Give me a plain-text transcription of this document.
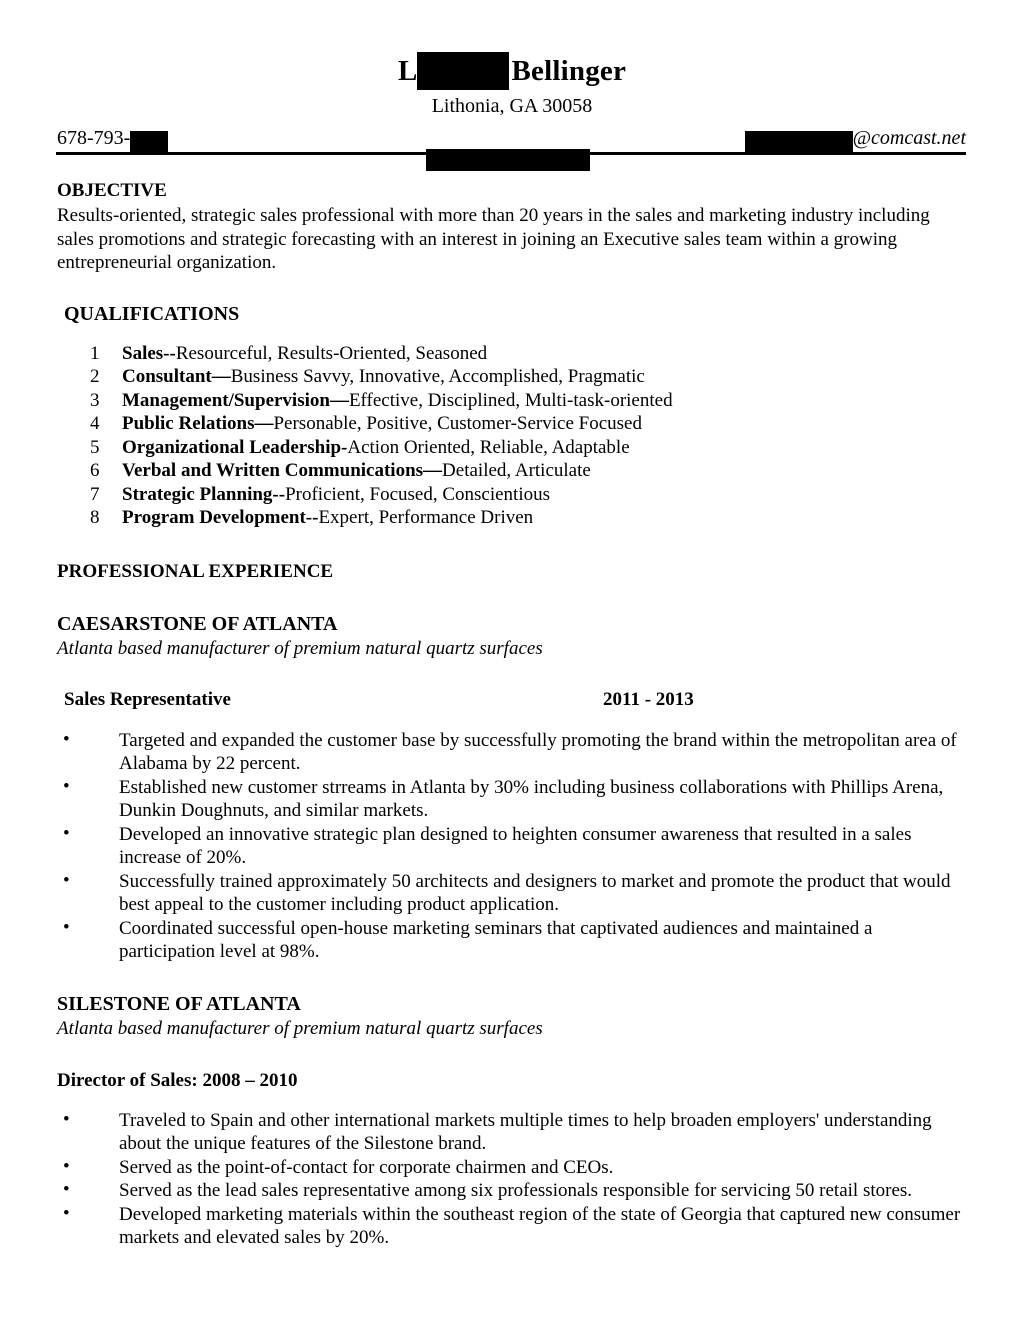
L	Bellinger
Lithonia, GA 30058
678-793-	@comcast.net
OBJECTIVE
Results-oriented, strategic sales professional with more than 20 years in the sales and marketing industry including sales promotions and strategic forecasting with an interest in joining an Executive sales team within a growing entrepreneurial organization.
QUALIFICATIONS
1 Sales--Resourceful, Results-Oriented, Seasoned
2 Consultant—Business Savvy, Innovative, Accomplished, Pragmatic
3 Management/Supervision—Effective, Disciplined, Multi-task-oriented
4 Public Relations—Personable, Positive, Customer-Service Focused
5 Organizational Leadership-Action Oriented, Reliable, Adaptable
6 Verbal and Written Communications—Detailed, Articulate
7 Strategic Planning--Proficient, Focused, Conscientious
8 Program Development--Expert, Performance Driven
PROFESSIONAL EXPERIENCE
CAESARSTONE OF ATLANTA
Atlanta based manufacturer of premium natural quartz surfaces
Sales Representative	2011 - 2013
•	Targeted and expanded the customer base by successfully promoting the brand within the metropolitan area of Alabama by 22 percent.
•	Established new customer strreams in Atlanta by 30% including business collaborations with Phillips Arena, Dunkin Doughnuts, and similar markets.
•	Developed an innovative strategic plan designed to heighten consumer awareness that resulted in a sales increase of 20%.
•	Successfully trained approximately 50 architects and designers to market and promote the product that would best appeal to the customer including product application.
•	Coordinated successful open-house marketing seminars that captivated audiences and maintained a participation level at 98%.
SILESTONE OF ATLANTA
Atlanta based manufacturer of premium natural quartz surfaces
Director of Sales: 2008 – 2010
•	Traveled to Spain and other international markets multiple times to help broaden employers' understanding about the unique features of the Silestone brand.
•	Served as the point-of-contact for corporate chairmen and CEOs.
•	Served as the lead sales representative among six professionals responsible for servicing 50 retail stores.
•	Developed marketing materials within the southeast region of the state of Georgia that captured new consumer markets and elevated sales by 20%.
